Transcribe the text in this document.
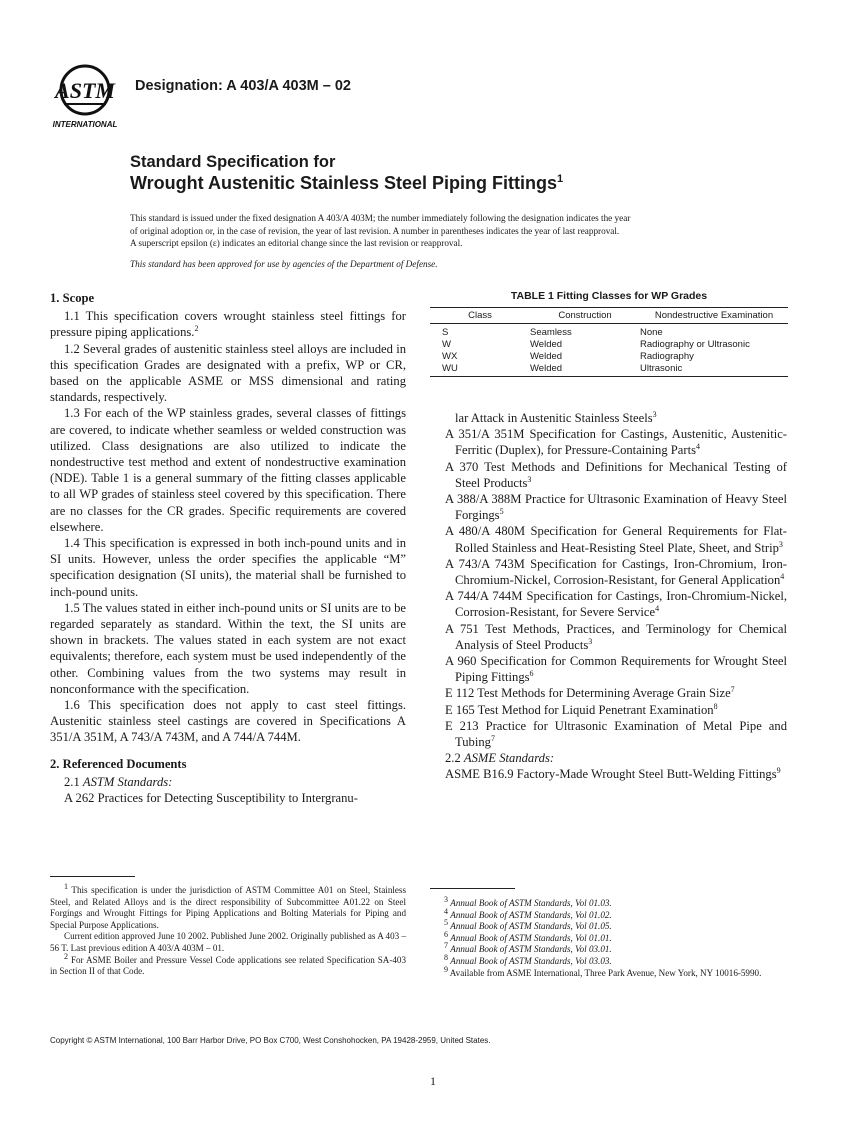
ASTM
INTERNATIONAL
Designation: A 403/A 403M – 02
Standard Specification for
Wrought Austenitic Stainless Steel Piping Fittings$^1$
This standard is issued under the fixed designation A 403/A 403M; the number immediately following the designation indicates the year
of original adoption or, in the case of revision, the year of last revision. A number in parentheses indicates the year of last reapproval.
A superscript epsilon (ε) indicates an editorial change since the last revision or reapproval.
This standard has been approved for use by agencies of the Department of Defense.

1. Scope

1.1 This specification covers wrought stainless steel fittings for pressure piping applications.$^2$

1.2 Several grades of austenitic stainless steel alloys are included in this specification Grades are designated with a prefix, WP or CR, based on the applicable ASME or MSS dimensional and rating standards, respectively.

1.3 For each of the WP stainless grades, several classes of fittings are covered, to indicate whether seamless or welded construction was utilized. Class designations are also utilized to indicate the nondestructive test method and extent of nondestructive examination (NDE). Table 1 is a general summary of the fitting classes applicable to all WP grades of stainless steel covered by this specification. There are no classes for the CR grades. Specific requirements are covered elsewhere.

1.4 This specification is expressed in both inch-pound units and in SI units. However, unless the order specifies the applicable “M” specification designation (SI units), the material shall be furnished to inch-pound units.

1.5 The values stated in either inch-pound units or SI units are to be regarded separately as standard. Within the text, the SI units are shown in brackets. The values stated in each system are not exact equivalents; therefore, each system must be used independently of the other. Combining values from the two systems may result in nonconformance with the specification.

1.6 This specification does not apply to cast steel fittings. Austenitic stainless steel castings are covered in Specifications A 351/A 351M, A 743/A 743M, and A 744/A 744M.

2. Referenced Documents

2.1 ASTM Standards:

A 262 Practices for Detecting Susceptibility to Intergranu-

TABLE 1 Fitting Classes for WP Grades
Class	Construction	Nondestructive Examination
S	Seamless	None
W	Welded	Radiography or Ultrasonic
WX	Welded	Radiography
WU	Welded	Ultrasonic

lar Attack in Austenitic Stainless Steels$^3$

A 351/A 351M Specification for Castings, Austenitic, Austenitic-Ferritic (Duplex), for Pressure-Containing Parts$^4$

A 370 Test Methods and Definitions for Mechanical Testing of Steel Products$^3$

A 388/A 388M Practice for Ultrasonic Examination of Heavy Steel Forgings$^5$

A 480/A 480M Specification for General Requirements for Flat-Rolled Stainless and Heat-Resisting Steel Plate, Sheet, and Strip$^3$

A 743/A 743M Specification for Castings, Iron-Chromium, Iron-Chromium-Nickel, Corrosion-Resistant, for General Application$^4$

A 744/A 744M Specification for Castings, Iron-Chromium-Nickel, Corrosion-Resistant, for Severe Service$^4$

A 751 Test Methods, Practices, and Terminology for Chemical Analysis of Steel Products$^3$

A 960 Specification for Common Requirements for Wrought Steel Piping Fittings$^6$

E 112 Test Methods for Determining Average Grain Size$^7$

E 165 Test Method for Liquid Penetrant Examination$^8$

E 213 Practice for Ultrasonic Examination of Metal Pipe and Tubing$^7$

2.2 ASME Standards:

ASME B16.9 Factory-Made Wrought Steel Butt-Welding Fittings$^9$

$^1$ This specification is under the jurisdiction of ASTM Committee A01 on Steel, Stainless Steel, and Related Alloys and is the direct responsibility of Subcommittee A01.22 on Steel Forgings and Wrought Fittings for Piping Applications and Bolting Materials for Piping and Special Purpose Applications.

Current edition approved June 10 2002. Published June 2002. Originally published as A 403 – 56 T. Last previous edition A 403/A 403M – 01.

$^2$ For ASME Boiler and Pressure Vessel Code applications see related Specification SA-403 in Section II of that Code.

$^3$ Annual Book of ASTM Standards, Vol 01.03.

$^4$ Annual Book of ASTM Standards, Vol 01.02.

$^5$ Annual Book of ASTM Standards, Vol 01.05.

$^6$ Annual Book of ASTM Standards, Vol 01.01.

$^7$ Annual Book of ASTM Standards, Vol 03.01.

$^8$ Annual Book of ASTM Standards, Vol 03.03.

$^9$ Available from ASME International, Three Park Avenue, New York, NY 10016-5990.

Copyright © ASTM International, 100 Barr Harbor Drive, PO Box C700, West Conshohocken, PA 19428-2959, United States.
1
